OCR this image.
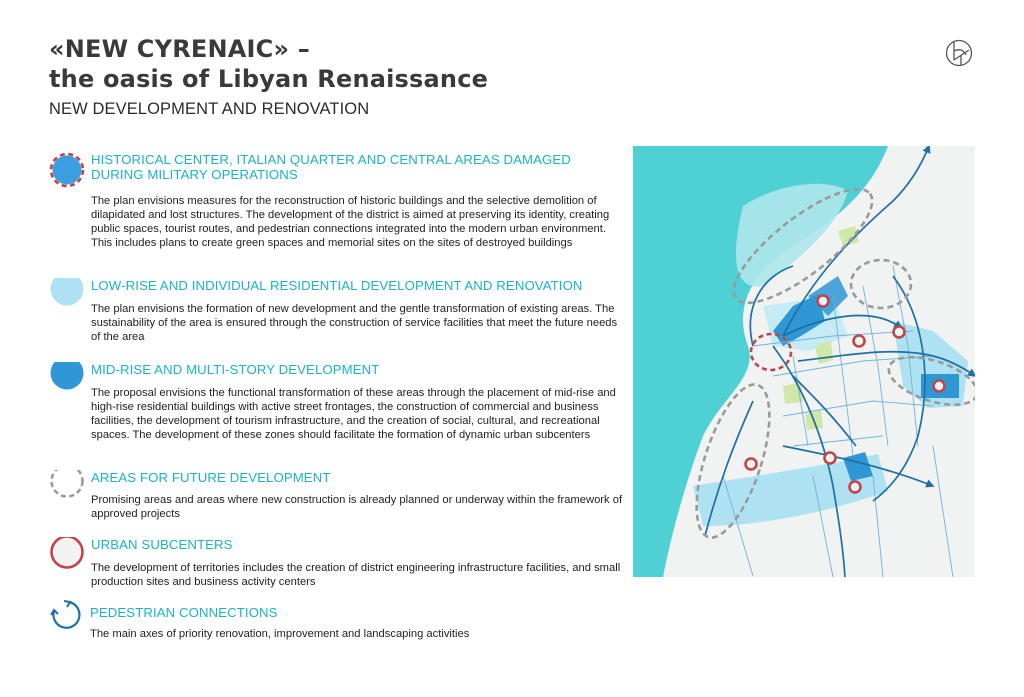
«NEW CYRENAIC» –
the oasis of Libyan Renaissance
NEW DEVELOPMENT AND RENOVATION
HISTORICAL CENTER, ITALIAN QUARTER AND CENTRAL AREAS DAMAGED DURING MILITARY OPERATIONS

The plan envisions measures for the reconstruction of historic buildings and the selective demolition of dilapidated and lost structures. The development of the district is aimed at preserving its identity, creating public spaces, tourist routes, and pedestrian connections integrated into the modern urban environment. This includes plans to create green spaces and memorial sites on the sites of destroyed buildings

LOW-RISE AND INDIVIDUAL RESIDENTIAL DEVELOPMENT AND RENOVATION

The plan envisions the formation of new development and the gentle transformation of existing areas. The sustainability of the area is ensured through the construction of service facilities that meet the future needs of the area

MID-RISE AND MULTI-STORY DEVELOPMENT

The proposal envisions the functional transformation of these areas through the placement of mid-rise and high-rise residential buildings with active street frontages, the construction of commercial and business facilities, the development of tourism infrastructure, and the creation of social, cultural, and recreational spaces. The development of these zones should facilitate the formation of dynamic urban subcenters

AREAS FOR FUTURE DEVELOPMENT

Promising areas and areas where new construction is already planned or underway within the framework of approved projects

URBAN SUBCENTERS

The development of territories includes the creation of district engineering infrastructure facilities, and small production sites and business activity centers

PEDESTRIAN CONNECTIONS

The main axes of priority renovation, improvement and landscaping activities
